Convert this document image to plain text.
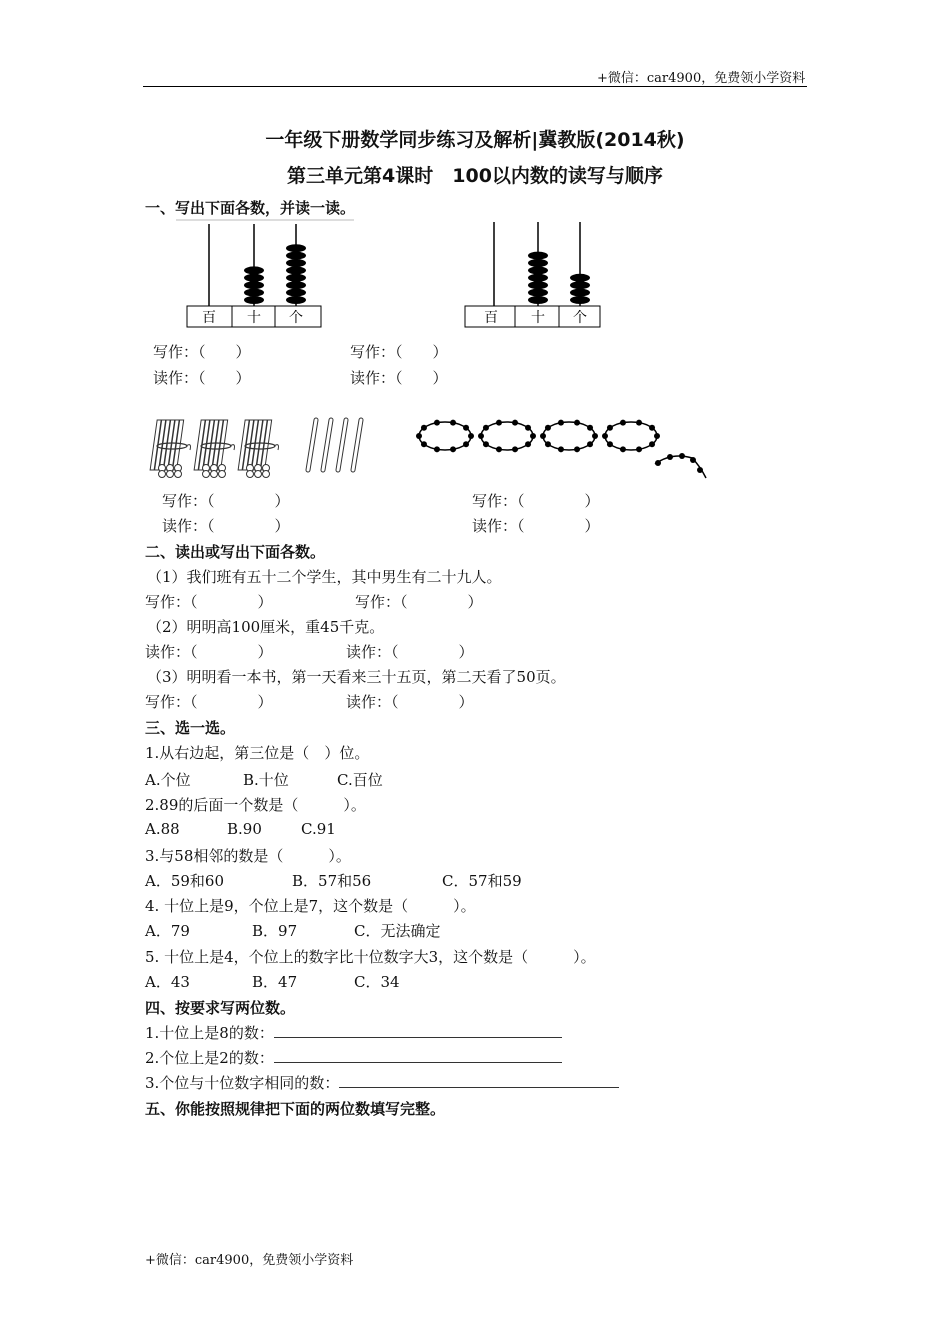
+微信：car4900，免费领小学资料
一年级下册数学同步练习及解析|冀教版(2014秋)
第三单元第4课时　100以内数的读写与顺序
一、写出下面各数，并读一读。
百 十 个	百 十 个
写作：（　　）
读作：（　　）
写作：（　　）
读作：（　　）
写作：（　　　　）
读作：（　　　　）
写作：（　　　　）
读作：（　　　　）
二、读出或写出下面各数。
（1）我们班有五十二个学生，其中男生有二十九人。
写作：（　　　　）	写作：（　　　　）
（2）明明高100厘米，重45千克。
读作：（　　　　）	读作：（　　　　）
（3）明明看一本书，第一天看来三十五页，第二天看了50页。
写作：（　　　　）	读作：（　　　　）
三、选一选。
1.从右边起，第三位是（　）位。
A.个位	B.十位	C.百位
2.89的后面一个数是（　　　）。
A.88	B.90	C.91
3.与58相邻的数是（　　　）。
A．59和60	B．57和56	C．57和59
4. 十位上是9，个位上是7，这个数是（　　　）。
A．79	B．97	C．无法确定
5. 十位上是4，个位上的数字比十位数字大3，这个数是（　　　）。
A．43	B．47	C．34
四、按要求写两位数。
1.十位上是8的数：
2.个位上是2的数：
3.个位与十位数字相同的数：
五、你能按照规律把下面的两位数填写完整。
+微信：car4900，免费领小学资料
